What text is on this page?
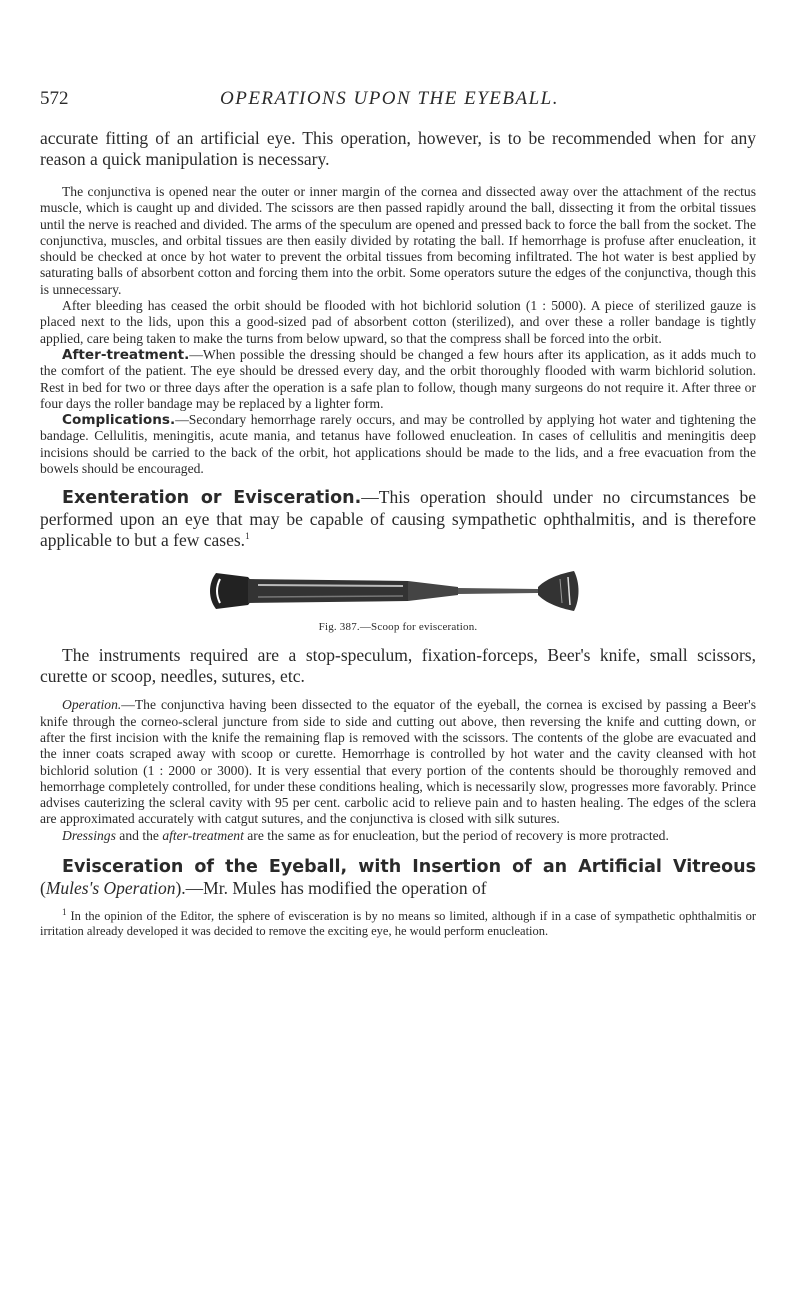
572	OPERATIONS UPON THE EYEBALL.

accurate fitting of an artificial eye. This operation, however, is to be recommended when for any reason a quick manipulation is necessary.

The conjunctiva is opened near the outer or inner margin of the cornea and dissected away over the attachment of the rectus muscle, which is caught up and divided. The scissors are then passed rapidly around the ball, dissecting it from the orbital tissues until the nerve is reached and divided. The arms of the speculum are opened and pressed back to force the ball from the socket. The conjunctiva, muscles, and orbital tissues are then easily divided by rotating the ball. If hemorrhage is profuse after enucleation, it should be checked at once by hot water to prevent the orbital tissues from becoming infiltrated. The hot water is best applied by saturating balls of absorbent cotton and forcing them into the orbit. Some operators suture the edges of the conjunctiva, though this is unnecessary.

After bleeding has ceased the orbit should be flooded with hot bichlorid solution (1 : 5000). A piece of sterilized gauze is placed next to the lids, upon this a good-sized pad of absorbent cotton (sterilized), and over these a roller bandage is tightly applied, care being taken to make the turns from below upward, so that the compress shall be forced into the orbit.

After-treatment.—When possible the dressing should be changed a few hours after its application, as it adds much to the comfort of the patient. The eye should be dressed every day, and the orbit thoroughly flooded with warm bichlorid solution. Rest in bed for two or three days after the operation is a safe plan to follow, though many surgeons do not require it. After three or four days the roller bandage may be replaced by a lighter form.

Complications.—Secondary hemorrhage rarely occurs, and may be controlled by applying hot water and tightening the bandage. Cellulitis, meningitis, acute mania, and tetanus have followed enucleation. In cases of cellulitis and meningitis deep incisions should be carried to the back of the orbit, hot applications should be made to the lids, and a free evacuation from the bowels should be encouraged.

Exenteration or Evisceration.—This operation should under no circumstances be performed upon an eye that may be capable of causing sympathetic ophthalmitis, and is therefore applicable to but a few cases.$^1$

Fig. 387.—Scoop for evisceration.

The instruments required are a stop-speculum, fixation-forceps, Beer's knife, small scissors, curette or scoop, needles, sutures, etc.

Operation.—The conjunctiva having been dissected to the equator of the eyeball, the cornea is excised by passing a Beer's knife through the corneo-scleral juncture from side to side and cutting out above, then reversing the knife and cutting down, or after the first incision with the knife the remaining flap is removed with the scissors. The contents of the globe are evacuated and the inner coats scraped away with scoop or curette. Hemorrhage is controlled by hot water and the cavity cleansed with hot bichlorid solution (1 : 2000 or 3000). It is very essential that every portion of the contents should be thoroughly removed and hemorrhage completely controlled, for under these conditions healing, which is necessarily slow, progresses more favorably. Prince advises cauterizing the scleral cavity with 95 per cent. carbolic acid to relieve pain and to hasten healing. The edges of the sclera are approximated accurately with catgut sutures, and the conjunctiva is closed with silk sutures.

Dressings and the after-treatment are the same as for enucleation, but the period of recovery is more protracted.

Evisceration of the Eyeball, with Insertion of an Artificial Vitreous (Mules's Operation).—Mr. Mules has modified the operation of

$^1$ In the opinion of the Editor, the sphere of evisceration is by no means so limited, although if in a case of sympathetic ophthalmitis or irritation already developed it was decided to remove the exciting eye, he would perform enucleation.
